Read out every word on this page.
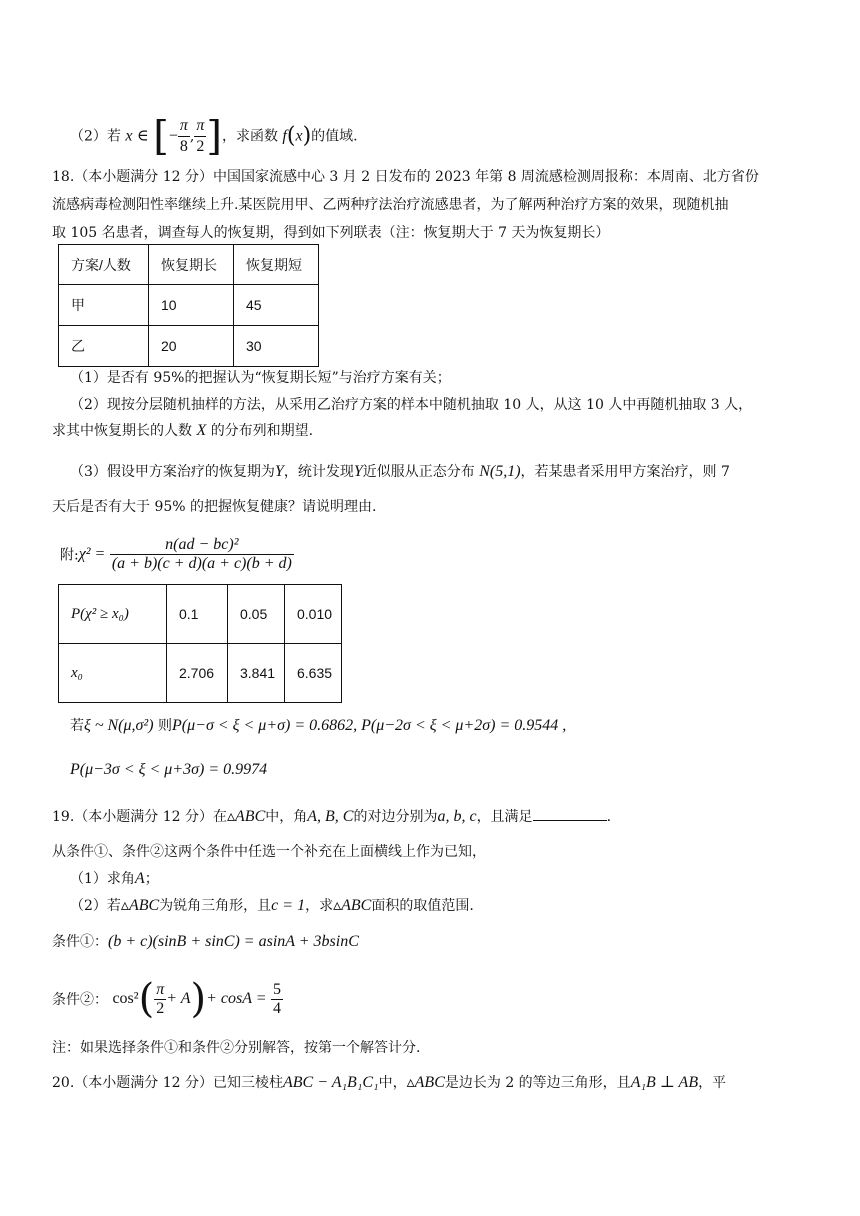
（2）若 x ∈ [− $\frac{\pi}{8}$ , $\frac{\pi}{2}$ ]，求函数 f(x)的值域.
18.（本小题满分 12 分）中国国家流感中心 3 月 2 日发布的 2023 年第 8 周流感检测周报称：本周南、北方省份
流感病毒检测阳性率继续上升.某医院用甲、乙两种疗法治疗流感患者，为了解两种治疗方案的效果，现随机抽
取 105 名患者，调查每人的恢复期，得到如下列联表（注：恢复期大于 7 天为恢复期长）
方案/人数	恢复期长	恢复期短
甲	10	45
乙	20	30
（1）是否有 95%的把握认为“恢复期长短”与治疗方案有关；
（2）现按分层随机抽样的方法，从采用乙治疗方案的样本中随机抽取 10 人，从这 10 人中再随机抽取 3 人，
求其中恢复期长的人数 X 的分布列和期望.
（3）假设甲方案治疗的恢复期为Y，统计发现Y近似服从正态分布 N(5,1)，若某患者采用甲方案治疗，则 7
天后是否有大于 95% 的把握恢复健康？请说明理由.
附:χ² = $\frac{\text{n(ad − bc)²}}{(a + b)(c + d)(a + c)(b + d)}$
P(χ² ≥ x₀)	0.1	0.05	0.010
x₀	2.706	3.841	6.635
若ξ ~ N(μ,σ²) 则P(μ−σ < ξ < μ+σ) = 0.6862, P(μ−2σ < ξ < μ+2σ) = 0.9544 ,
P(μ−3σ < ξ < μ+3σ) = 0.9974
19.（本小题满分 12 分）在▵ABC中，角A, B, C的对边分别为a, b, c，且满足	.
从条件①、条件②这两个条件中任选一个补充在上面横线上作为已知，
（1）求角A；
（2）若▵ABC为锐角三角形，且c = 1，求▵ABC面积的取值范围.
条件①：(b + c)(sinB + sinC) = asinA + 3bsinC
条件②： $\cos^2( \frac{\pi}{2} + A)+ \cos A = \frac{5}{4}$
注：如果选择条件①和条件②分别解答，按第一个解答计分.
20.（本小题满分 12 分）已知三棱柱ABC − A₁B₁C₁中，▵ABC是边长为 2 的等边三角形，且A₁B ⊥ AB，平
